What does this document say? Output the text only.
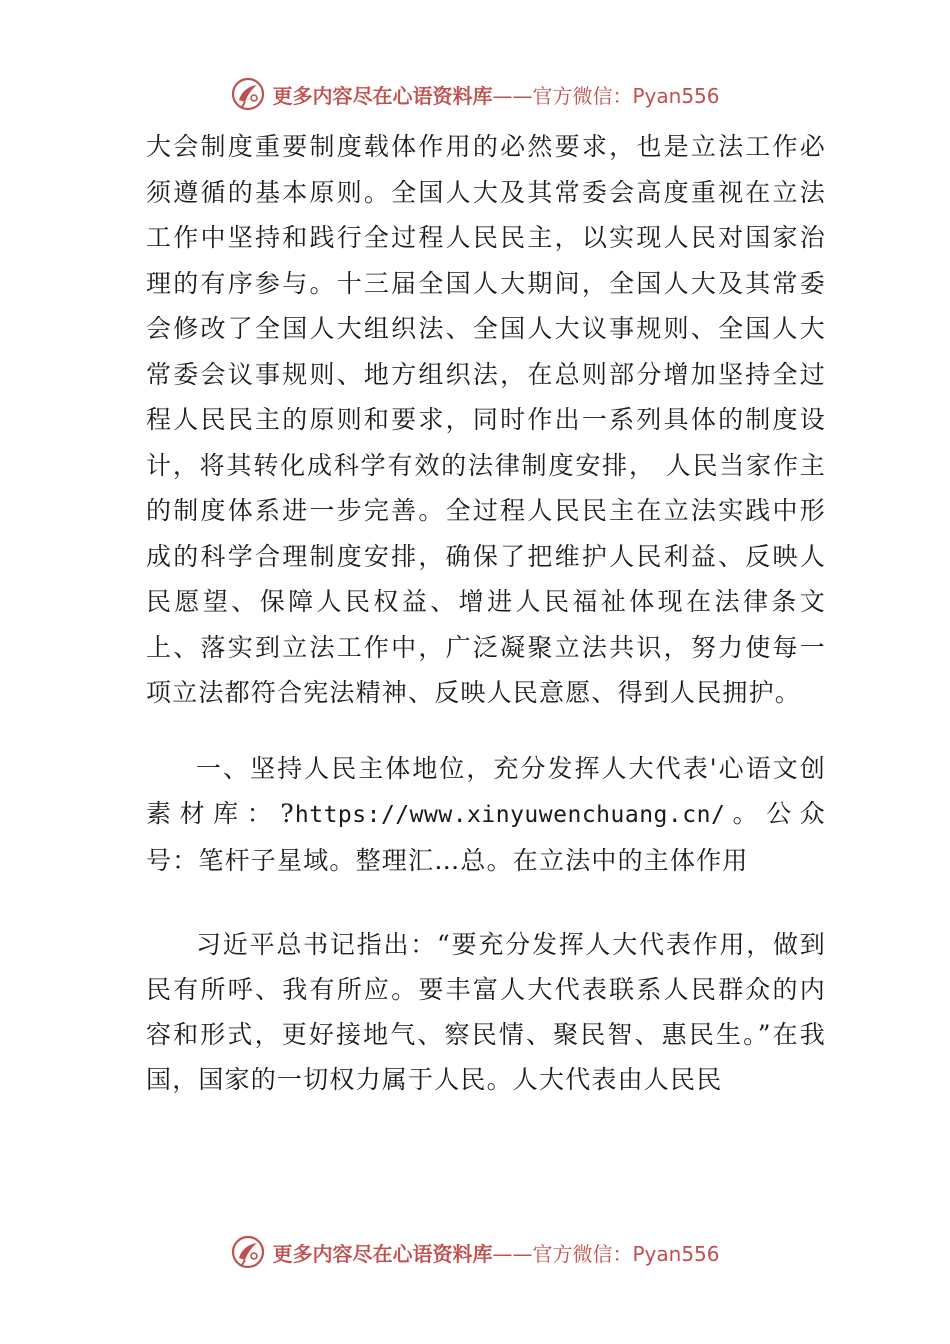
更多内容尽在心语资料库——官方微信：Pyan556

大会制度重要制度载体作用的必然要求，也是立法工作必须遵循的基本原则。全国人大及其常委会高度重视在立法工作中坚持和践行全过程人民民主，以实现人民对国家治理的有序参与。十三届全国人大期间，全国人大及其常委会修改了全国人大组织法、全国人大议事规则、全国人大常委会议事规则、地方组织法，在总则部分增加坚持全过程人民民主的原则和要求，同时作出一系列具体的制度设计，将其转化成科学有效的法律制度安排， 人民当家作主的制度体系进一步完善。全过程人民民主在立法实践中形成的科学合理制度安排，确保了把维护人民利益、反映人民愿望、保障人民权益、增进人民福祉体现在法律条文上、落实到立法工作中，广泛凝聚立法共识，努力使每一项立法都符合宪法精神、反映人民意愿、得到人民拥护。

一、坚持人民主体地位，充分发挥人大代表'心语文创素材库：?https://www.xinyuwenchuang.cn/。公众号：笔杆子星域。整理汇…总。在立法中的主体作用

习近平总书记指出：“要充分发挥人大代表作用，做到民有所呼、我有所应。要丰富人大代表联系人民群众的内容和形式，更好接地气、察民情、聚民智、惠民生。”在我国，国家的一切权力属于人民。人大代表由人民民

更多内容尽在心语资料库——官方微信：Pyan556
